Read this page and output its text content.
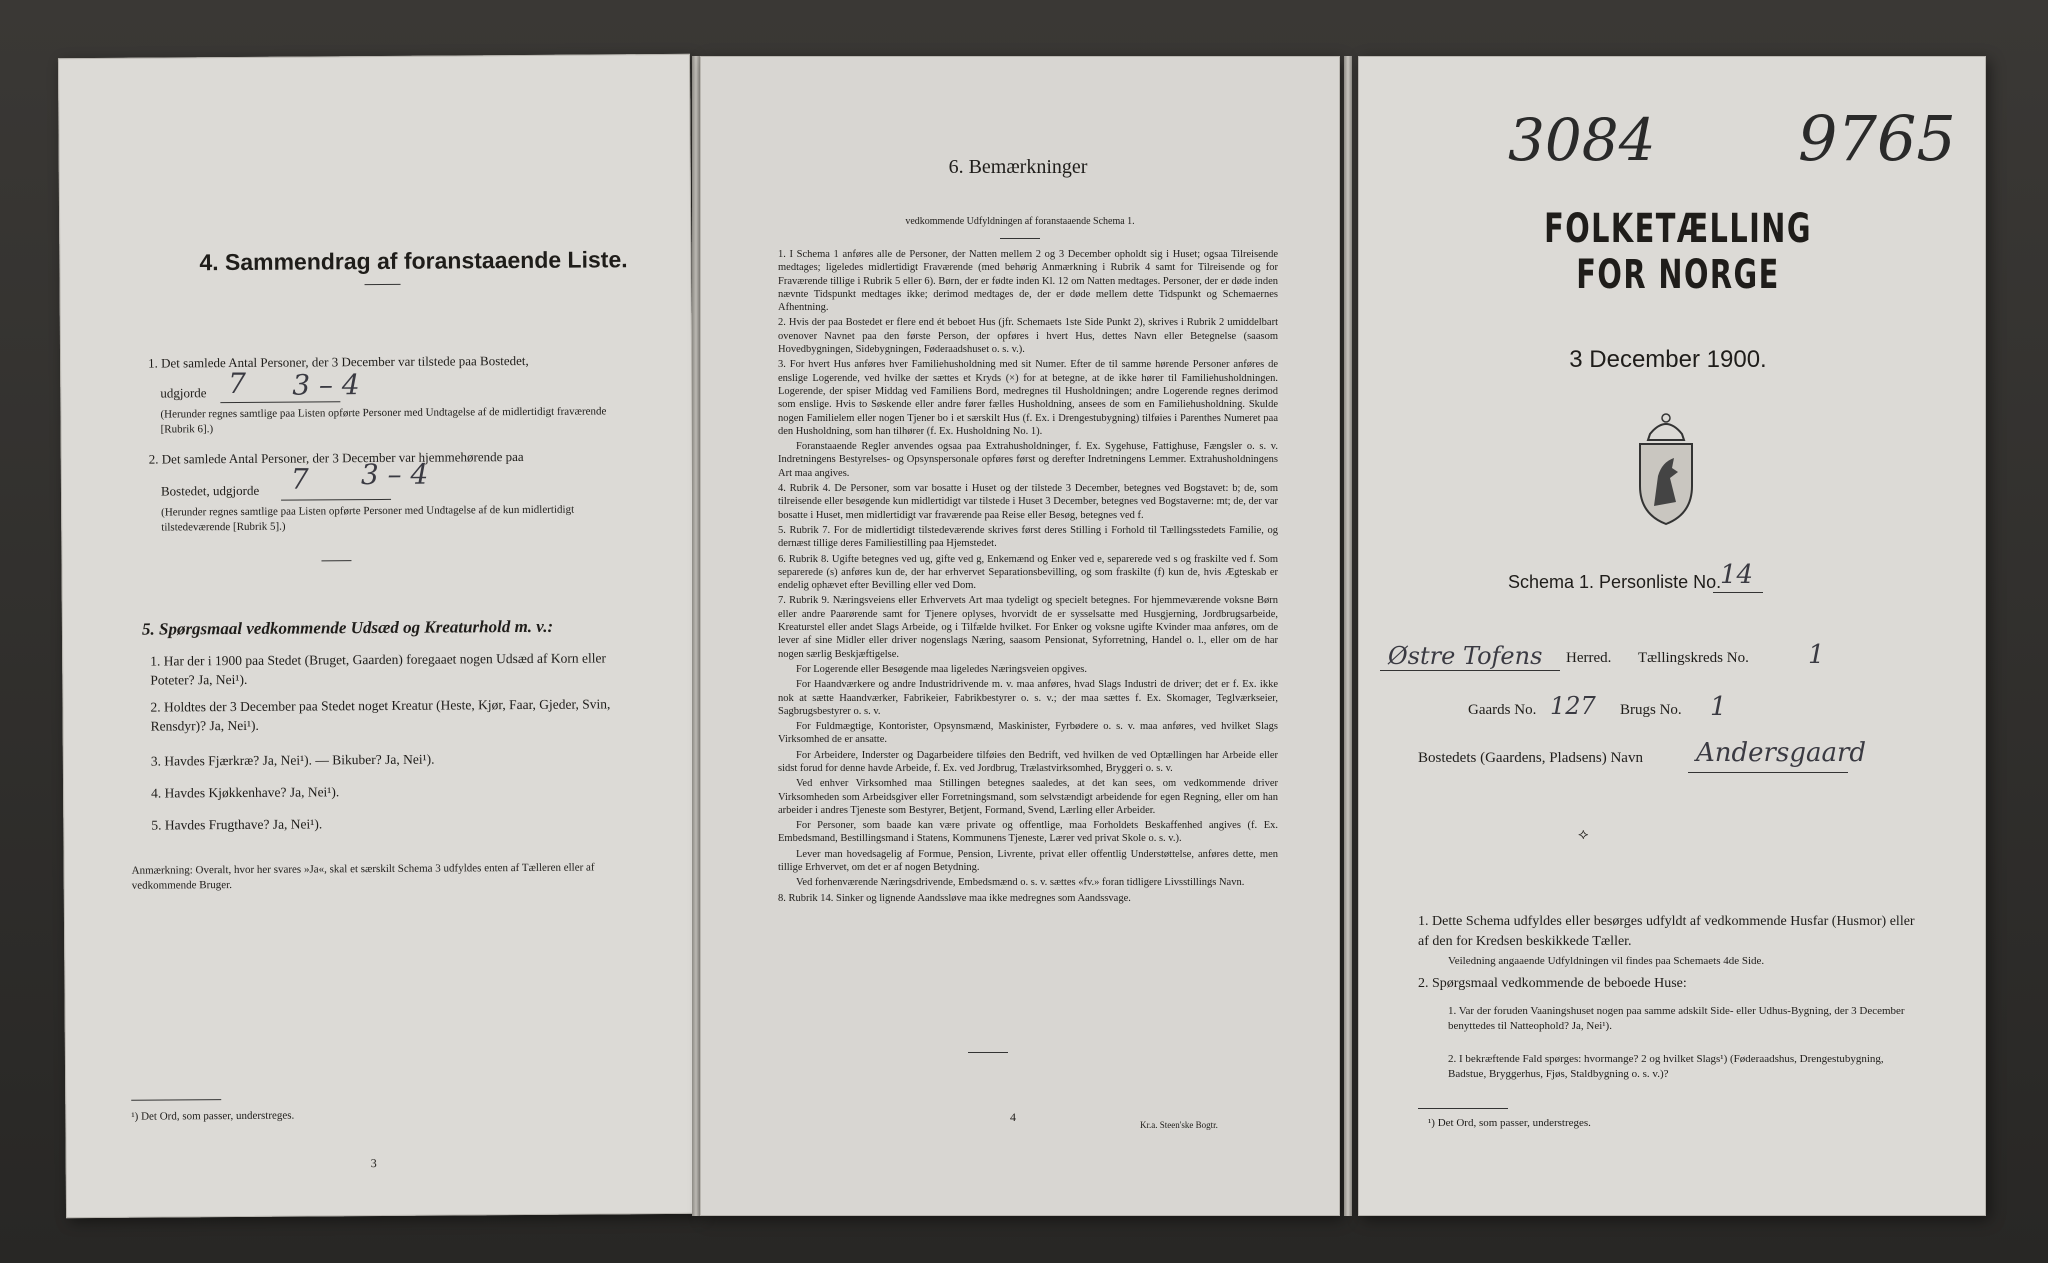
4. Sammendrag af foranstaaende Liste.
1. Det samlede Antal Personer, der 3 December var tilstede paa Bostedet,
udgjorde 7 3 – 4
(Herunder regnes samtlige paa Listen opførte Personer med Undtagelse af de midlertidigt fraværende [Rubrik 6].)
2. Det samlede Antal Personer, der 3 December var hjemmehørende paa
Bostedet, udgjorde 7 3 – 4
(Herunder regnes samtlige paa Listen opførte Personer med Undtagelse af de kun midlertidigt tilstedeværende [Rubrik 5].)
5. Spørgsmaal vedkommende Udsæd og Kreaturhold m. v.:
1. Har der i 1900 paa Stedet (Bruget, Gaarden) foregaaet nogen Udsæd af Korn eller Poteter? Ja, Nei¹).
2. Holdtes der 3 December paa Stedet noget Kreatur (Heste, Kjør, Faar, Gjeder, Svin, Rensdyr)? Ja, Nei¹).
3. Havdes Fjærkræ? Ja, Nei¹). — Bikuber? Ja, Nei¹).
4. Havdes Kjøkkenhave? Ja, Nei¹).
5. Havdes Frugthave? Ja, Nei¹).
Anmærkning: Overalt, hvor her svares »Ja«, skal et særskilt Schema 3 udfyldes enten af Tælleren eller af vedkommende Bruger.
¹) Det Ord, som passer, understreges.
3
6. Bemærkninger
vedkommende Udfyldningen af foranstaaende Schema 1.

1. I Schema 1 anføres alle de Personer, der Natten mellem 2 og 3 December opholdt sig i Huset; ogsaa Tilreisende medtages; ligeledes midlertidigt Fraværende (med behørig Anmærkning i Rubrik 4 samt for Tilreisende og for Fraværende tillige i Rubrik 5 eller 6). Børn, der er fødte inden Kl. 12 om Natten medtages. Personer, der er døde inden nævnte Tidspunkt medtages ikke; derimod medtages de, der er døde mellem dette Tidspunkt og Schemaernes Afhentning.

2. Hvis der paa Bostedet er flere end ét beboet Hus (jfr. Schemaets 1ste Side Punkt 2), skrives i Rubrik 2 umiddelbart ovenover Navnet paa den første Person, der opføres i hvert Hus, dettes Navn eller Betegnelse (saasom Hovedbygningen, Sidebygningen, Føderaadshuset o. s. v.).

3. For hvert Hus anføres hver Familiehusholdning med sit Numer. Efter de til samme hørende Personer anføres de enslige Logerende, ved hvilke der sættes et Kryds (×) for at betegne, at de ikke hører til Familiehusholdningen. Logerende, der spiser Middag ved Familiens Bord, medregnes til Husholdningen; andre Logerende regnes derimod som enslige. Hvis to Søskende eller andre fører fælles Husholdning, ansees de som en Familiehusholdning. Skulde nogen Familielem eller nogen Tjener bo i et særskilt Hus (f. Ex. i Drengestubygning) tilføies i Parenthes Numeret paa den Husholdning, som han tilhører (f. Ex. Husholdning No. 1).

Foranstaaende Regler anvendes ogsaa paa Extrahusholdninger, f. Ex. Sygehuse, Fattighuse, Fængsler o. s. v. Indretningens Bestyrelses- og Opsynspersonale opføres først og derefter Indretningens Lemmer. Extrahusholdningens Art maa angives.

4. Rubrik 4. De Personer, som var bosatte i Huset og der tilstede 3 December, betegnes ved Bogstavet: b; de, som tilreisende eller besøgende kun midlertidigt var tilstede i Huset 3 December, betegnes ved Bogstaverne: mt; de, der var bosatte i Huset, men midlertidigt var fraværende paa Reise eller Besøg, betegnes ved f.

5. Rubrik 7. For de midlertidigt tilstedeværende skrives først deres Stilling i Forhold til Tællingsstedets Familie, og dernæst tillige deres Familiestilling paa Hjemstedet.

6. Rubrik 8. Ugifte betegnes ved ug, gifte ved g, Enkemænd og Enker ved e, separerede ved s og fraskilte ved f. Som separerede (s) anføres kun de, der har erhvervet Separationsbevilling, og som fraskilte (f) kun de, hvis Ægteskab er endelig ophævet efter Bevilling eller ved Dom.

7. Rubrik 9. Næringsveiens eller Erhvervets Art maa tydeligt og specielt betegnes. For hjemmeværende voksne Børn eller andre Paarørende samt for Tjenere oplyses, hvorvidt de er sysselsatte med Husgjerning, Jordbrugsarbeide, Kreaturstel eller andet Slags Arbeide, og i Tilfælde hvilket. For Enker og voksne ugifte Kvinder maa anføres, om de lever af sine Midler eller driver nogenslags Næring, saasom Pensionat, Syforretning, Handel o. l., eller om de har nogen særlig Beskjæftigelse.

For Logerende eller Besøgende maa ligeledes Næringsveien opgives.

For Haandværkere og andre Industridrivende m. v. maa anføres, hvad Slags Industri de driver; det er f. Ex. ikke nok at sætte Haandværker, Fabrikeier, Fabrikbestyrer o. s. v.; der maa sættes f. Ex. Skomager, Teglværkseier, Sagbrugsbestyrer o. s. v.

For Fuldmægtige, Kontorister, Opsynsmænd, Maskinister, Fyrbødere o. s. v. maa anføres, ved hvilket Slags Virksomhed de er ansatte.

For Arbeidere, Inderster og Dagarbeidere tilføies den Bedrift, ved hvilken de ved Optællingen har Arbeide eller sidst forud for denne havde Arbeide, f. Ex. ved Jordbrug, Trælastvirksomhed, Bryggeri o. s. v.

Ved enhver Virksomhed maa Stillingen betegnes saaledes, at det kan sees, om vedkommende driver Virksomheden som Arbeidsgiver eller Forretningsmand, som selvstændigt arbeidende for egen Regning, eller om han arbeider i andres Tjeneste som Bestyrer, Betjent, Formand, Svend, Lærling eller Arbeider.

For Personer, som baade kan være private og offentlige, maa Forholdets Beskaffenhed angives (f. Ex. Embedsmand, Bestillingsmand i Statens, Kommunens Tjeneste, Lærer ved privat Skole o. s. v.).

Lever man hovedsagelig af Formue, Pension, Livrente, privat eller offentlig Understøttelse, anføres dette, men tillige Erhvervet, om det er af nogen Betydning.

Ved forhenværende Næringsdrivende, Embedsmænd o. s. v. sættes «fv.» foran tidligere Livsstillings Navn.

8. Rubrik 14. Sinker og lignende Aandssløve maa ikke medregnes som Aandssvage.

4
Kr.a. Steen'ske Bogtr.
3084 9765
FOLKETÆLLING FOR NORGE
3 December 1900.
Schema 1. Personliste No.
14
Østre Tofens Herred. Tællingskreds No. 1
Gaards No. 127 Brugs No. 1
Bostedets (Gaardens, Pladsens) Navn Andersgaard
⟡
1. Dette Schema udfyldes eller besørges udfyldt af vedkommende Husfar (Husmor) eller af den for Kredsen beskikkede Tæller.
Veiledning angaaende Udfyldningen vil findes paa Schemaets 4de Side.
2. Spørgsmaal vedkommende de beboede Huse:
1. Var der foruden Vaaningshuset nogen paa samme adskilt Side- eller Udhus-Bygning, der 3 December benyttedes til Natteophold? Ja, Nei¹).
2. I bekræftende Fald spørges: hvormange? 2 og hvilket Slags¹) (Føderaadshus, Drengestubygning, Badstue, Bryggerhus, Fjøs, Staldbygning o. s. v.)?
¹) Det Ord, som passer, understreges.
